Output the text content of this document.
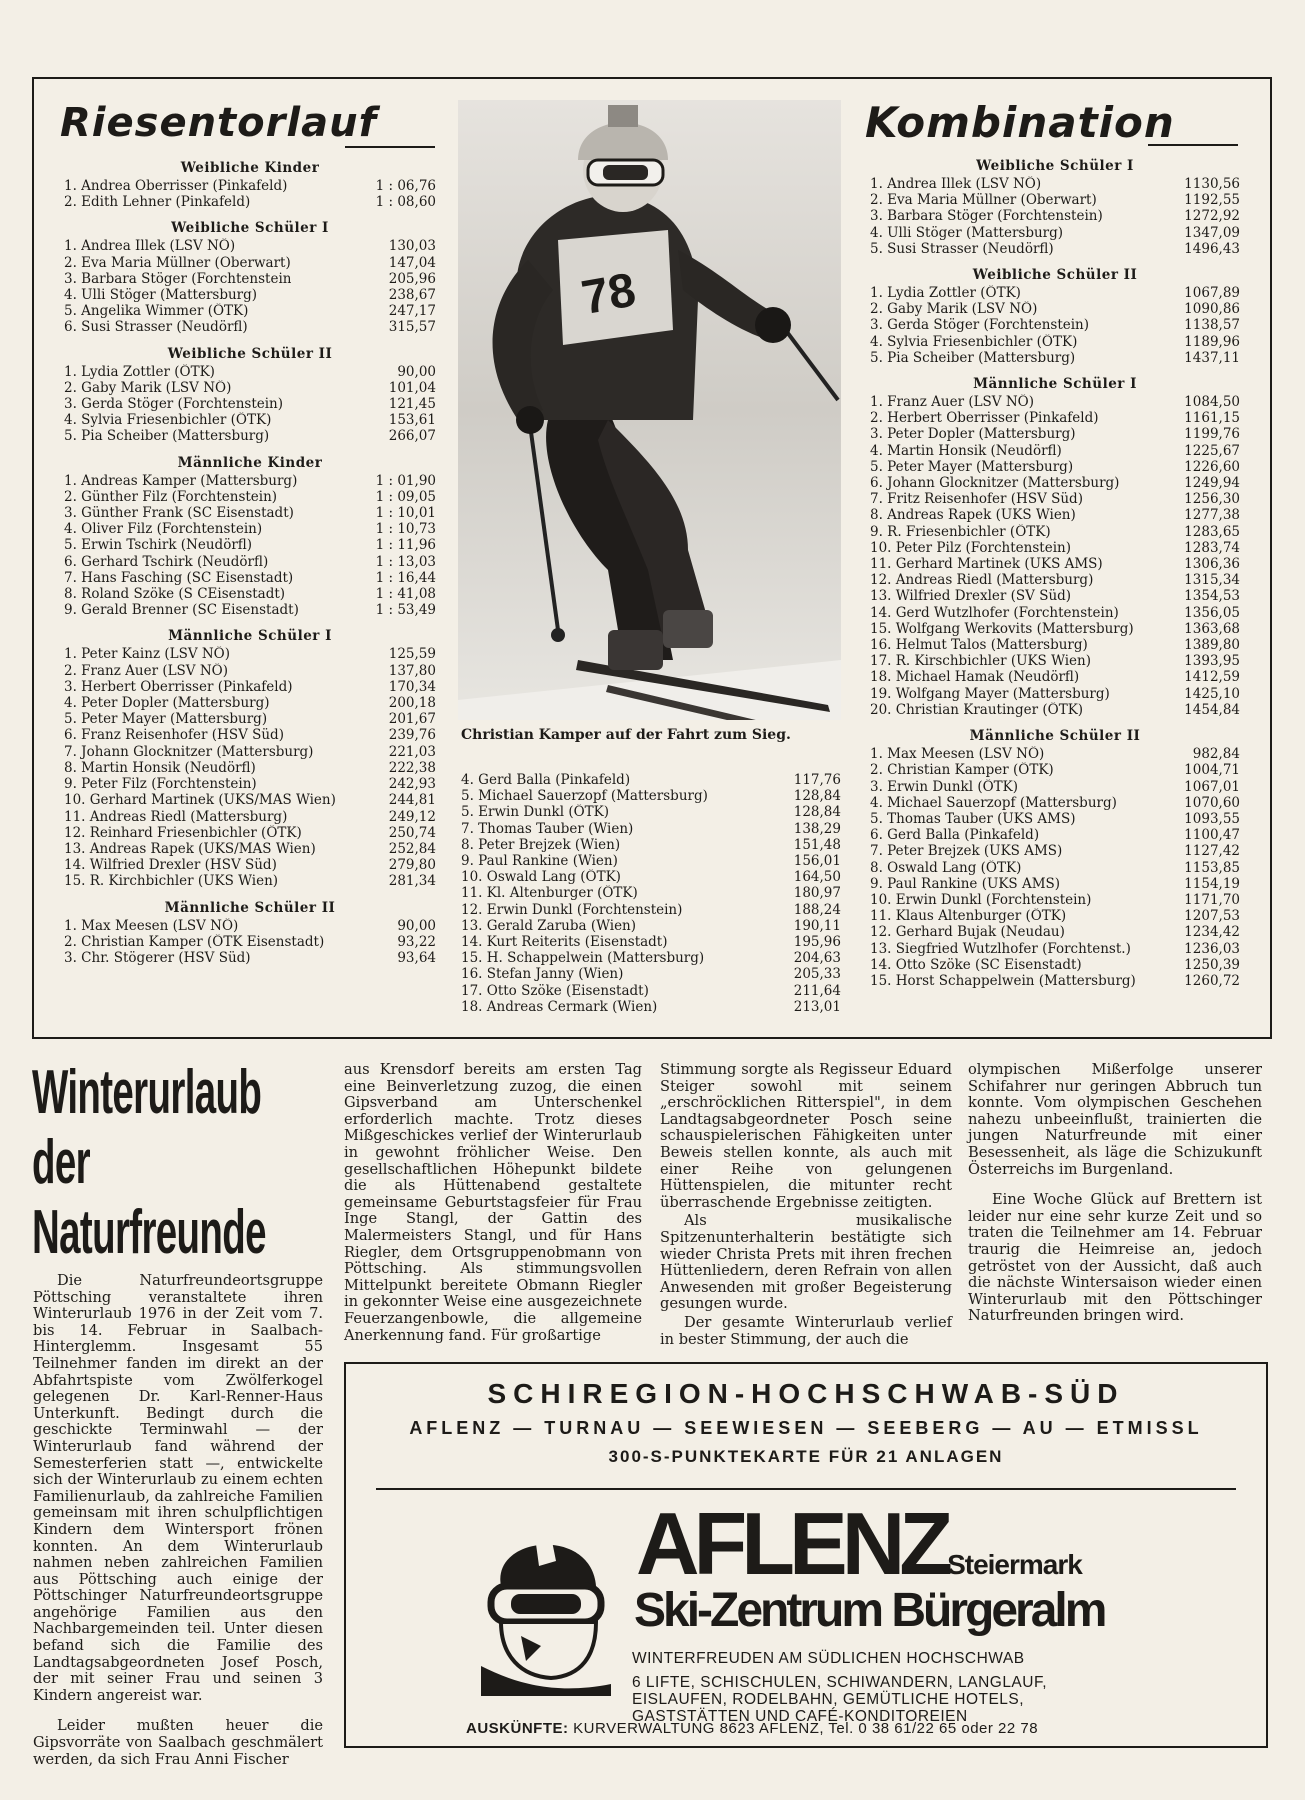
Riesentorlauf
Weibliche Kinder
1. Andrea Oberrisser (Pinkafeld)	1 : 06,76
2. Edith Lehner (Pinkafeld)	1 : 08,60
Weibliche Schüler I
1. Andrea Illek (LSV NÖ)	130,03
2. Eva Maria Müllner (Oberwart)	147,04
3. Barbara Stöger (Forchtenstein	205,96
4. Ulli Stöger (Mattersburg)	238,67
5. Angelika Wimmer (ÖTK)	247,17
6. Susi Strasser (Neudörfl)	315,57
Weibliche Schüler II
1. Lydia Zottler (ÖTK)	90,00
2. Gaby Marik (LSV NÖ)	101,04
3. Gerda Stöger (Forchtenstein)	121,45
4. Sylvia Friesenbichler (ÖTK)	153,61
5. Pia Scheiber (Mattersburg)	266,07
Männliche Kinder
1. Andreas Kamper (Mattersburg)	1 : 01,90
2. Günther Filz (Forchtenstein)	1 : 09,05
3. Günther Frank (SC Eisenstadt)	1 : 10,01
4. Oliver Filz (Forchtenstein)	1 : 10,73
5. Erwin Tschirk (Neudörfl)	1 : 11,96
6. Gerhard Tschirk (Neudörfl)	1 : 13,03
7. Hans Fasching (SC Eisenstadt)	1 : 16,44
8. Roland Szöke (S CEisenstadt)	1 : 41,08
9. Gerald Brenner (SC Eisenstadt)	1 : 53,49
Männliche Schüler I
1. Peter Kainz (LSV NÖ)	125,59
2. Franz Auer (LSV NÖ)	137,80
3. Herbert Oberrisser (Pinkafeld)	170,34
4. Peter Dopler (Mattersburg)	200,18
5. Peter Mayer (Mattersburg)	201,67
6. Franz Reisenhofer (HSV Süd)	239,76
7. Johann Glocknitzer (Mattersburg)	221,03
8. Martin Honsik (Neudörfl)	222,38
9. Peter Filz (Forchtenstein)	242,93
10. Gerhard Martinek (UKS/MAS Wien)	244,81
11. Andreas Riedl (Mattersburg)	249,12
12. Reinhard Friesenbichler (ÖTK)	250,74
13. Andreas Rapek (UKS/MAS Wien)	252,84
14. Wilfried Drexler (HSV Süd)	279,80
15. R. Kirchbichler (UKS Wien)	281,34
Männliche Schüler II
1. Max Meesen (LSV NÖ)	90,00
2. Christian Kamper (ÖTK Eisenstadt)	93,22
3. Chr. Stögerer (HSV Süd)	93,64
78
Christian Kamper auf der Fahrt zum Sieg.
4. Gerd Balla (Pinkafeld)	117,76
5. Michael Sauerzopf (Mattersburg)	128,84
5. Erwin Dunkl (ÖTK)	128,84
7. Thomas Tauber (Wien)	138,29
8. Peter Brejzek (Wien)	151,48
9. Paul Rankine (Wien)	156,01
10. Oswald Lang (ÖTK)	164,50
11. Kl. Altenburger (ÖTK)	180,97
12. Erwin Dunkl (Forchtenstein)	188,24
13. Gerald Zaruba (Wien)	190,11
14. Kurt Reiterits (Eisenstadt)	195,96
15. H. Schappelwein (Mattersburg)	204,63
16. Stefan Janny (Wien)	205,33
17. Otto Szöke (Eisenstadt)	211,64
18. Andreas Cermark (Wien)	213,01
Kombination
Weibliche Schüler I
1. Andrea Illek (LSV NÖ)	1130,56
2. Eva Maria Müllner (Oberwart)	1192,55
3. Barbara Stöger (Forchtenstein)	1272,92
4. Ulli Stöger (Mattersburg)	1347,09
5. Susi Strasser (Neudörfl)	1496,43
Weibliche Schüler II
1. Lydia Zottler (ÖTK)	1067,89
2. Gaby Marik (LSV NÖ)	1090,86
3. Gerda Stöger (Forchtenstein)	1138,57
4. Sylvia Friesenbichler (ÖTK)	1189,96
5. Pia Scheiber (Mattersburg)	1437,11
Männliche Schüler I
1. Franz Auer (LSV NÖ)	1084,50
2. Herbert Oberrisser (Pinkafeld)	1161,15
3. Peter Dopler (Mattersburg)	1199,76
4. Martin Honsik (Neudörfl)	1225,67
5. Peter Mayer (Mattersburg)	1226,60
6. Johann Glocknitzer (Mattersburg)	1249,94
7. Fritz Reisenhofer (HSV Süd)	1256,30
8. Andreas Rapek (UKS Wien)	1277,38
9. R. Friesenbichler (ÖTK)	1283,65
10. Peter Pilz (Forchtenstein)	1283,74
11. Gerhard Martinek (UKS AMS)	1306,36
12. Andreas Riedl (Mattersburg)	1315,34
13. Wilfried Drexler (SV Süd)	1354,53
14. Gerd Wutzlhofer (Forchtenstein)	1356,05
15. Wolfgang Werkovits (Mattersburg)	1363,68
16. Helmut Talos (Mattersburg)	1389,80
17. R. Kirschbichler (UKS Wien)	1393,95
18. Michael Hamak (Neudörfl)	1412,59
19. Wolfgang Mayer (Mattersburg)	1425,10
20. Christian Krautinger (ÖTK)	1454,84
Männliche Schüler II
1. Max Meesen (LSV NÖ)	982,84
2. Christian Kamper (ÖTK)	1004,71
3. Erwin Dunkl (ÖTK)	1067,01
4. Michael Sauerzopf (Mattersburg)	1070,60
5. Thomas Tauber (UKS AMS)	1093,55
6. Gerd Balla (Pinkafeld)	1100,47
7. Peter Brejzek (UKS AMS)	1127,42
8. Oswald Lang (ÖTK)	1153,85
9. Paul Rankine (UKS AMS)	1154,19
10. Erwin Dunkl (Forchtenstein)	1171,70
11. Klaus Altenburger (ÖTK)	1207,53
12. Gerhard Bujak (Neudau)	1234,42
13. Siegfried Wutzlhofer (Forchtenst.)	1236,03
14. Otto Szöke (SC Eisenstadt)	1250,39
15. Horst Schappelwein (Mattersburg)	1260,72
Winterurlaub
der
Naturfreunde

Die Naturfreundeortsgruppe Pöttsching veranstaltete ihren Winterurlaub 1976 in der Zeit vom 7. bis 14. Februar in Saalbach-Hinterglemm. Insgesamt 55 Teilnehmer fanden im direkt an der Abfahrtspiste vom Zwölferkogel gelegenen Dr. Karl-Renner-Haus Unterkunft. Bedingt durch die geschickte Terminwahl — der Winterurlaub fand während der Semesterferien statt —, entwickelte sich der Winterurlaub zu einem echten Familienurlaub, da zahlreiche Familien gemeinsam mit ihren schulpflichtigen Kindern dem Wintersport frönen konnten. An dem Winterurlaub nahmen neben zahlreichen Familien aus Pöttsching auch einige der Pöttschinger Naturfreundeortsgruppe angehörige Familien aus den Nachbargemeinden teil. Unter diesen befand sich die Familie des Landtagsabgeordneten Josef Posch, der mit seiner Frau und seinen 3 Kindern angereist war.

Leider mußten heuer die Gipsvorräte von Saalbach geschmälert werden, da sich Frau Anni Fischer

aus Krensdorf bereits am ersten Tag eine Beinverletzung zuzog, die einen Gipsverband am Unterschenkel erforderlich machte. Trotz dieses Mißgeschickes verlief der Winterurlaub in gewohnt fröhlicher Weise. Den gesellschaftlichen Höhepunkt bildete die als Hüttenabend gestaltete gemeinsame Geburtstagsfeier für Frau Inge Stangl, der Gattin des Malermeisters Stangl, und für Hans Riegler, dem Ortsgruppenobmann von Pöttsching. Als stimmungsvollen Mittelpunkt bereitete Obmann Riegler in gekonnter Weise eine ausgezeichnete Feuerzangenbowle, die allgemeine Anerkennung fand. Für großartige

Stimmung sorgte als Regisseur Eduard Steiger sowohl mit seinem „erschröcklichen Ritterspiel", in dem Landtagsabgeordneter Posch seine schauspielerischen Fähigkeiten unter Beweis stellen konnte, als auch mit einer Reihe von gelungenen Hüttenspielen, die mitunter recht überraschende Ergebnisse zeitigten.

Als musikalische Spitzenunterhalterin bestätigte sich wieder Christa Prets mit ihren frechen Hüttenliedern, deren Refrain von allen Anwesenden mit großer Begeisterung gesungen wurde.

Der gesamte Winterurlaub verlief in bester Stimmung, der auch die

olympischen Mißerfolge unserer Schifahrer nur geringen Abbruch tun konnte. Vom olympischen Geschehen nahezu unbeeinflußt, trainierten die jungen Naturfreunde mit einer Besessenheit, als läge die Schizukunft Österreichs im Burgenland.

Eine Woche Glück auf Brettern ist leider nur eine sehr kurze Zeit und so traten die Teilnehmer am 14. Februar traurig die Heimreise an, jedoch getröstet von der Aussicht, daß auch die nächste Wintersaison wieder einen Winterurlaub mit den Pöttschinger Naturfreunden bringen wird.

SCHIREGION-HOCHSCHWAB-SÜD
AFLENZ — TURNAU — SEEWIESEN — SEEBERG — AU — ETMISSL
300-S-PUNKTEKARTE FÜR 21 ANLAGEN
AFLENZSteiermark
Ski-Zentrum Bürgeralm
WINTERFREUDEN AM SÜDLICHEN HOCHSCHWAB
6 LIFTE, SCHISCHULEN, SCHIWANDERN, LANGLAUF, EISLAUFEN, RODELBAHN, GEMÜTLICHE HOTELS, GASTSTÄTTEN UND CAFÉ-KONDITOREIEN
AUSKÜNFTE: KURVERWALTUNG 8623 AFLENZ, Tel. 0 38 61/22 65 oder 22 78
